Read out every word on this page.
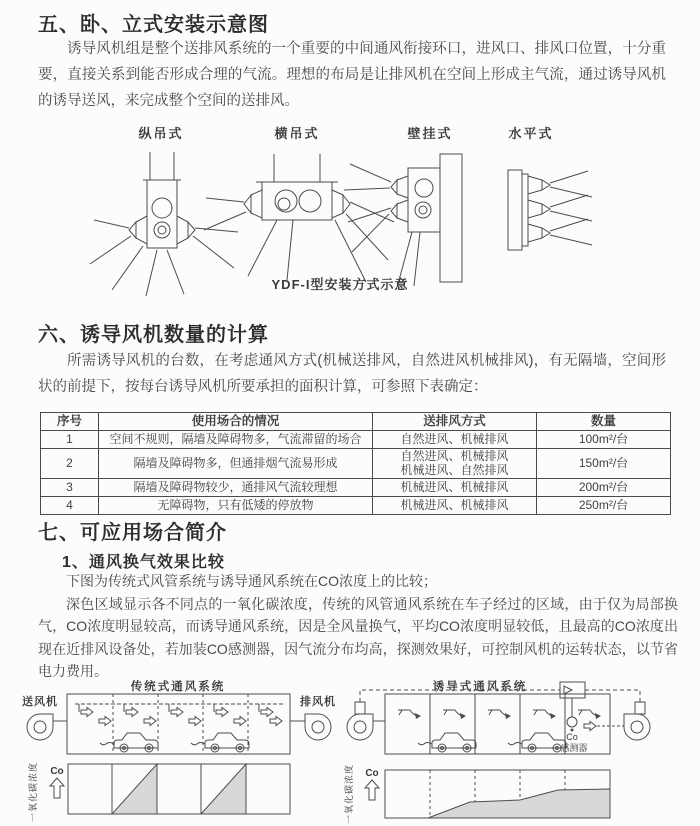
五、卧、立式安装示意图
诱导风机组是整个送排风系统的一个重要的中间通风衔接环口，进风口、排风口位置，十分重要，直接关系到能否形成合理的气流。理想的布局是让排风机在空间上形成主气流，通过诱导风机的诱导送风，来完成整个空间的送排风。
纵吊式	横吊式	壁挂式	水平式
YDF-I型安装方式示意
六、诱导风机数量的计算
所需诱导风机的台数，在考虑通风方式(机械送排风，自然进风机械排风)，有无隔墙，空间形状的前提下，按每台诱导风机所要承担的面积计算，可参照下表确定：
序号	使用场合的情况	送排风方式	数量
1	空间不规则，隔墙及障碍物多，气流滞留的场合	自然进风、机械排风	100m²/台
2	隔墙及障碍物多，但通排烟气流易形成	自然进风、机械排风
机械进风、自然排风	150m²/台
3	隔墙及障碍物较少，通排风气流较理想	机械进风、机械排风	200m²/台
4	无障碍物，只有低矮的停放物	机械进风、机械排风	250m²/台
七、可应用场合简介
1、通风换气效果比较

下图为传统式风管系统与诱导通风系统在CO浓度上的比较；

深色区域显示各不同点的一氧化碳浓度，传统的风管通风系统在车子经过的区域，由于仅为局部换气，CO浓度明显较高，而诱导通风系统，因是全风量换气，平均CO浓度明显较低，且最高的CO浓度出现在近排风设备处，若加装CO感测器，因气流分布均高，探测效果好，可控制风机的运转状态，以节省电力费用。

传统式通风系统
送风机	排风机
一氧化碳浓度 Co
诱导式通风系统
Co
感测器
一氧化碳浓度 Co
